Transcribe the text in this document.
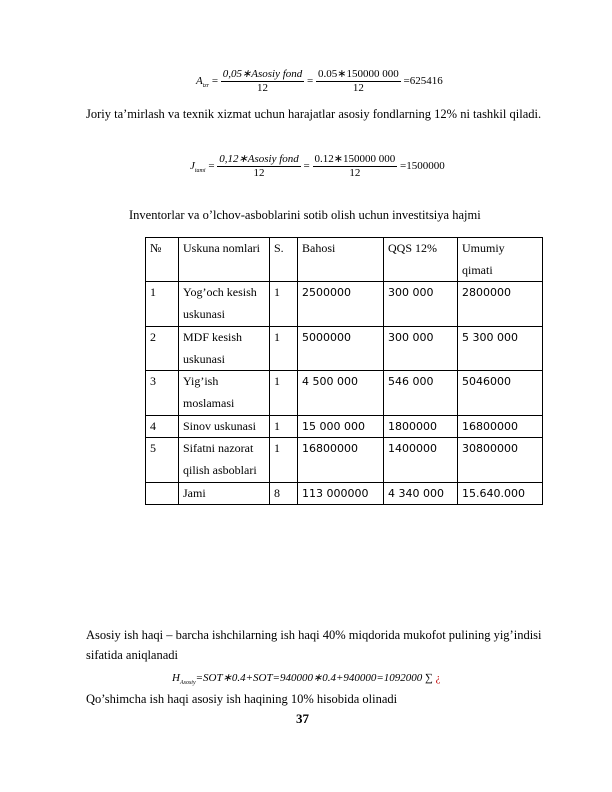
$A_{tzr} = \frac{\text{0,05∗Asosiy fond}}{12} = \frac{0.05∗150000 000}{12} =625416$
Joriy ta’mirlash va texnik xizmat uchun harajatlar asosiy fondlarning 12% ni tashkil qiladi.
$J_{tami} = \frac{\text{0,12∗Asosiy fond}}{12} = \frac{0.12∗150000 000}{12} =1500000$
Inventorlar va o’lchov-asboblarini sotib olish uchun investitsiya hajmi
№	Uskuna nomlari	S.	Bahosi	QQS 12%	Umumiy qimati
1	Yog’och kesish uskunasi	1	2500000	300 000	2800000
2	MDF kesish uskunasi	1	5000000	300 000	5 300 000
3	Yig’ish moslamasi	1	4 500 000	546 000	5046000
4	Sinov uskunasi	1	15 000 000	1800000	16800000
5	Sifatni nazorat qilish asboblari	1	16800000	1400000	30800000
	Jami	8	113 000000	4 340 000	15.640.000
Asosiy ish haqi – barcha ishchilarning ish haqi 40% miqdorida mukofot pulining yig’indisi sifatida aniqlanadi
$H_{Asosiy}=SOT∗0.4+SOT=940000∗0.4+940000=1092000$ ∑ ¿
Qo’shimcha ish haqi asosiy ish haqining 10% hisobida olinadi
37
